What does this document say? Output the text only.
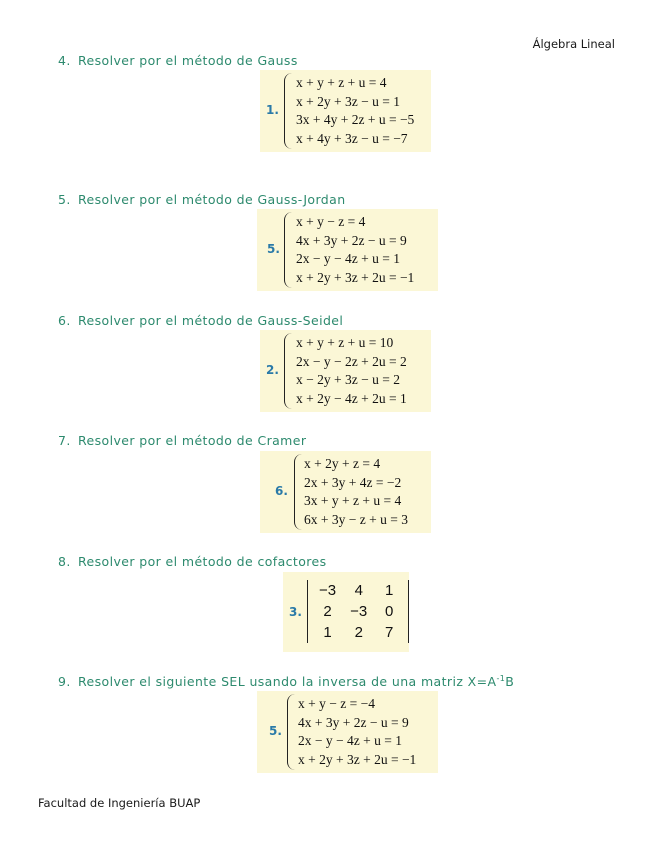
Álgebra Lineal
4. Resolver por el método de Gauss
1.
x + y + z + u = 4
x + 2y + 3z − u = 1
3x + 4y + 2z + u = −5
x + 4y + 3z − u = −7
5. Resolver por el método de Gauss-Jordan
5.
x + y − z = 4
4x + 3y + 2z − u = 9
2x − y − 4z + u = 1
x + 2y + 3z + 2u = −1
6. Resolver por el método de Gauss-Seidel
2.
x + y + z + u = 10
2x − y − 2z + 2u = 2
x − 2y + 3z − u = 2
x + 2y − 4z + 2u = 1
7. Resolver por el método de Cramer
6.
x + 2y + z = 4
2x + 3y + 4z = −2
3x + y + z + u = 4
6x + 3y − z + u = 3
8. Resolver por el método de cofactores
3.
−3	4	1
2	−3	0
1	2	7
9. Resolver el siguiente SEL usando la inversa de una matriz $X=A^{-1}B$
5.
x + y − z = −4
4x + 3y + 2z − u = 9
2x − y − 4z + u = 1
x + 2y + 3z + 2u = −1
Facultad de Ingeniería BUAP
